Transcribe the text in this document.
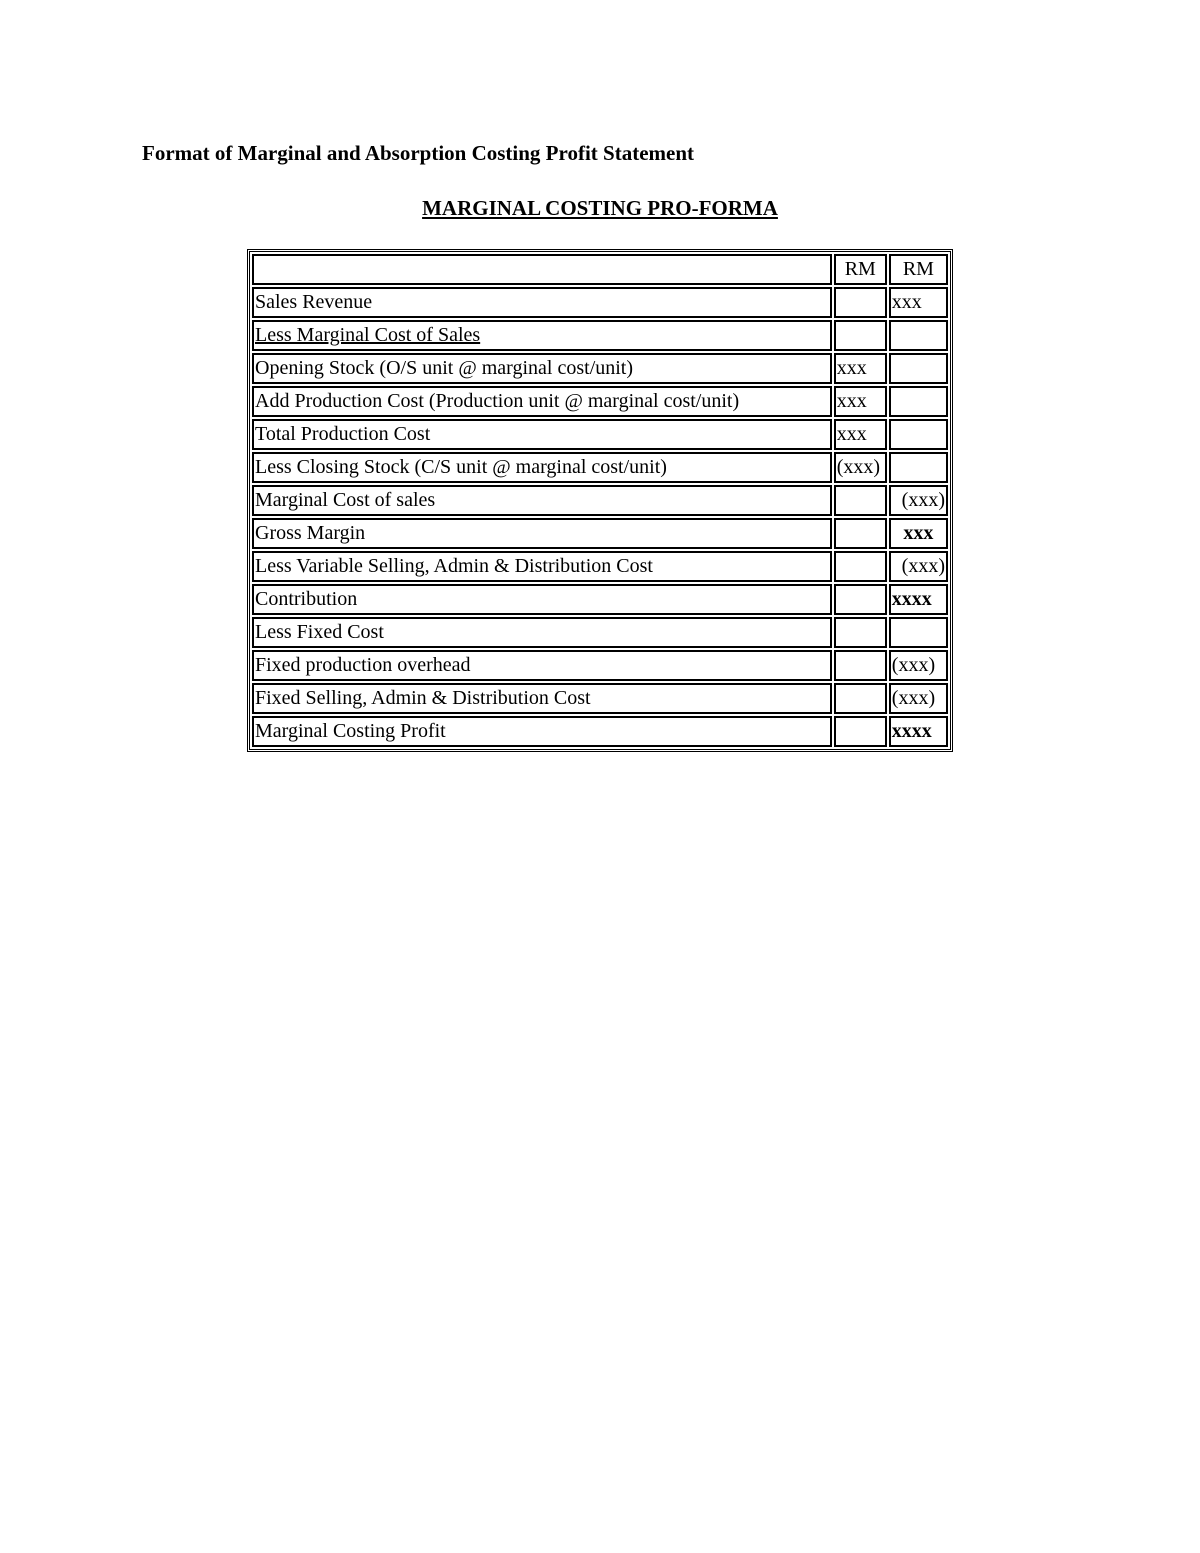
Format of Marginal and Absorption Costing Profit Statement
MARGINAL COSTING PRO-FORMA
	RM	RM
Sales Revenue		xxx
Less Marginal Cost of Sales		
Opening Stock (O/S unit @ marginal cost/unit)	xxx	
Add Production Cost (Production unit @ marginal cost/unit)	xxx	
Total Production Cost	xxx	
Less Closing Stock (C/S unit @ marginal cost/unit)	(xxx)	
Marginal Cost of sales		(xxx)
Gross Margin		xxx
Less Variable Selling, Admin & Distribution Cost		(xxx)
Contribution		xxxx
Less Fixed Cost		
Fixed production overhead		(xxx)
Fixed Selling, Admin & Distribution Cost		(xxx)
Marginal Costing Profit		xxxx
